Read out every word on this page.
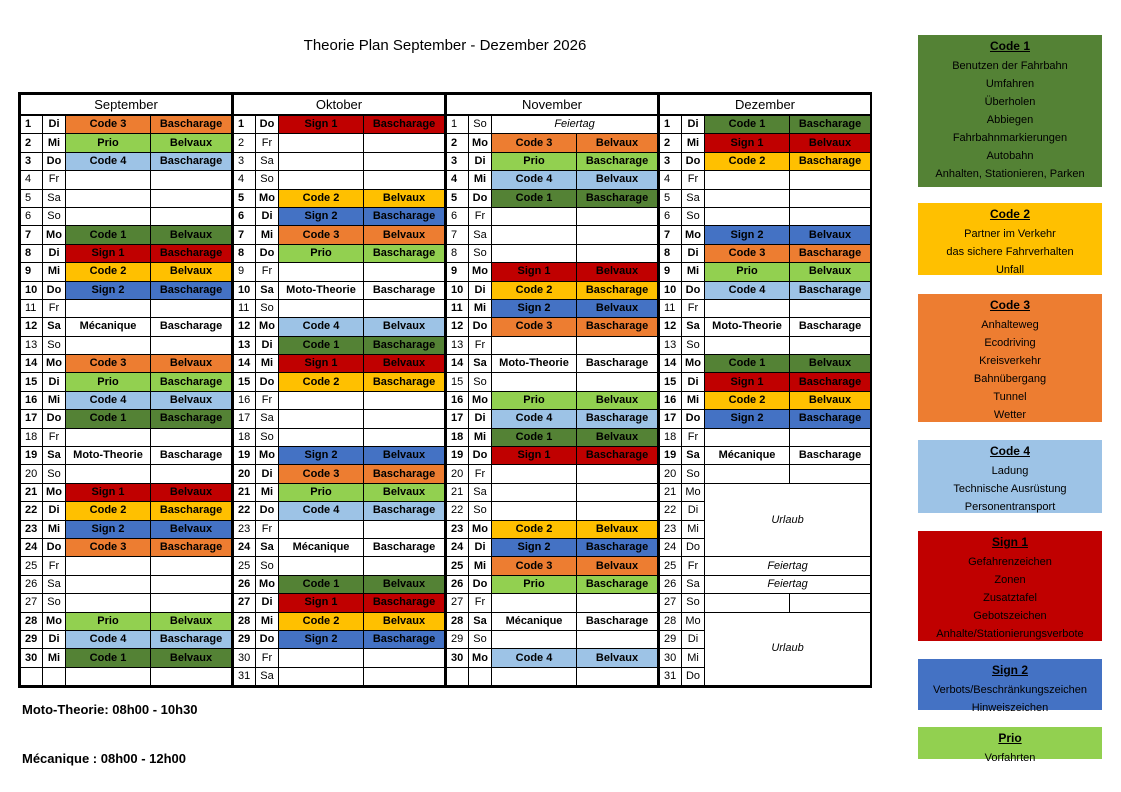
Theorie Plan September - Dezember 2026
September			
1	Di	Code 3	Bascharage
2	Mi	Prio	Belvaux
3	Do	Code 4	Bascharage
4	Fr		
5	Sa		
6	So		
7	Mo	Code 1	Belvaux
8	Di	Sign 1	Bascharage
9	Mi	Code 2	Belvaux
10	Do	Sign 2	Bascharage
11	Fr		
12	Sa	Mécanique	Bascharage
13	So		
14	Mo	Code 3	Belvaux
15	Di	Prio	Bascharage
16	Mi	Code 4	Belvaux
17	Do	Code 1	Bascharage
18	Fr		
19	Sa	Moto-Theorie	Bascharage
20	So		
21	Mo	Sign 1	Belvaux
22	Di	Code 2	Bascharage
23	Mi	Sign 2	Belvaux
24	Do	Code 3	Bascharage
25	Fr		
26	Sa		
27	So		
28	Mo	Prio	Belvaux
29	Di	Code 4	Bascharage
30	Mi	Code 1	Belvaux

Oktober			
1	Do	Sign 1	Bascharage
2	Fr		
3	Sa		
4	So		
5	Mo	Code 2	Belvaux
6	Di	Sign 2	Bascharage
7	Mi	Code 3	Belvaux
8	Do	Prio	Bascharage
9	Fr		
10	Sa	Moto-Theorie	Bascharage
11	So		
12	Mo	Code 4	Belvaux
13	Di	Code 1	Bascharage
14	Mi	Sign 1	Belvaux
15	Do	Code 2	Bascharage
16	Fr		
17	Sa		
18	So		
19	Mo	Sign 2	Belvaux
20	Di	Code 3	Bascharage
21	Mi	Prio	Belvaux
22	Do	Code 4	Bascharage
23	Fr		
24	Sa	Mécanique	Bascharage
25	So		
26	Mo	Code 1	Belvaux
27	Di	Sign 1	Bascharage
28	Mi	Code 2	Belvaux
29	Do	Sign 2	Bascharage
30	Fr		
31	Sa		
November			
1	So	Feiertag	
2	Mo	Code 3	Belvaux
3	Di	Prio	Bascharage
4	Mi	Code 4	Belvaux
5	Do	Code 1	Bascharage
6	Fr		
7	Sa		
8	So		
9	Mo	Sign 1	Belvaux
10	Di	Code 2	Bascharage
11	Mi	Sign 2	Belvaux
12	Do	Code 3	Bascharage
13	Fr		
14	Sa	Moto-Theorie	Bascharage
15	So		
16	Mo	Prio	Belvaux
17	Di	Code 4	Bascharage
18	Mi	Code 1	Belvaux
19	Do	Sign 1	Bascharage
20	Fr		
21	Sa		
22	So		
23	Mo	Code 2	Belvaux
24	Di	Sign 2	Bascharage
25	Mi	Code 3	Belvaux
26	Do	Prio	Bascharage
27	Fr		
28	Sa	Mécanique	Bascharage
29	So		
30	Mo	Code 4	Belvaux

Dezember			
1	Di	Code 1	Bascharage
2	Mi	Sign 1	Belvaux
3	Do	Code 2	Bascharage
4	Fr		
5	Sa		
6	So		
7	Mo	Sign 2	Belvaux
8	Di	Code 3	Bascharage
9	Mi	Prio	Belvaux
10	Do	Code 4	Bascharage
11	Fr		
12	Sa	Moto-Theorie	Bascharage
13	So		
14	Mo	Code 1	Belvaux
15	Di	Sign 1	Bascharage
16	Mi	Code 2	Belvaux
17	Do	Sign 2	Bascharage
18	Fr		
19	Sa	Mécanique	Bascharage
20	So		
21	Mo	Urlaub	
22	Di		
23	Mi		
24	Do		
25	Fr	Feiertag	
26	Sa	Feiertag	
27	So		
28	Mo	Urlaub	
29	Di		
30	Mi		
31	Do		
Code 1
Benutzen der Fahrbahn
Umfahren
Überholen
Abbiegen
Fahrbahnmarkierungen
Autobahn
Anhalten, Stationieren, Parken
Code 2
Partner im Verkehr
das sichere Fahrverhalten
Unfall
Code 3
Anhalteweg
Ecodriving
Kreisverkehr
Bahnübergang
Tunnel
Wetter
Code 4
Ladung
Technische Ausrüstung
Personentransport
Sign 1
Gefahrenzeichen
Zonen
Zusatztafel
Gebotszeichen
Anhalte/Stationierungsverbote
Sign 2
Verbots/Beschränkungszeichen
Hinweiszeichen
Prio
Vorfahrten
Moto-Theorie: 08h00 - 10h30
Mécanique : 08h00 - 12h00
